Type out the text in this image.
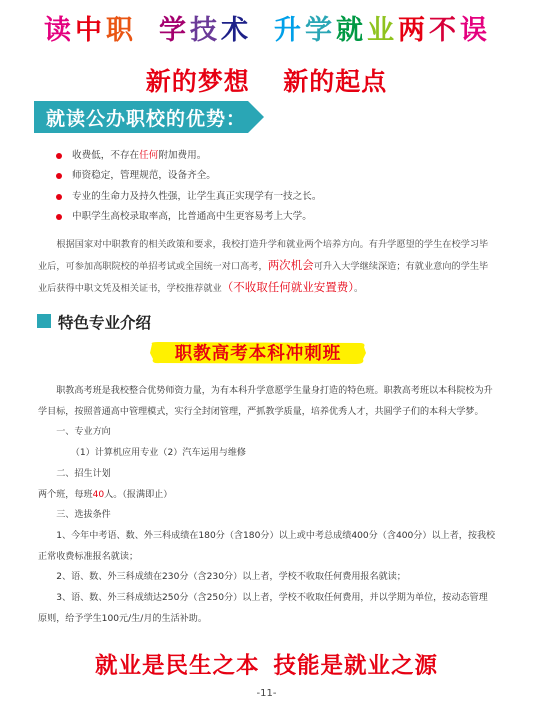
读中职 学技术 升学就业两不误
新的梦想 新的起点
就读公办职校的优势：
收费低，不存在任何附加费用。
师资稳定，管理规范，设备齐全。
专业的生命力及持久性强，让学生真正实现学有一技之长。
中职学生高校录取率高，比普通高中生更容易考上大学。
根据国家对中职教育的相关政策和要求，我校打造升学和就业两个培养方向。有升学愿望的学生在校学习毕业后，可参加高职院校的单招考试或全国统一对口高考，两次机会可升入大学继续深造；有就业意向的学生毕业后获得中职文凭及相关证书，学校推荐就业（不收取任何就业安置费）。
特色专业介绍
职教高考本科冲刺班

职教高考班是我校整合优势师资力量，为有本科升学意愿学生量身打造的特色班。职教高考班以本科院校为升学目标，按照普通高中管理模式，实行全封闭管理，严抓教学质量，培养优秀人才，共圆学子们的本科大学梦。

一、专业方向

（1）计算机应用专业（2）汽车运用与维修

二、招生计划

两个班，每班40人。（报满即止）

三、选拔条件

1、今年中考语、数、外三科成绩在180分（含180分）以上或中考总成绩400分（含400分）以上者，按我校正常收费标准报名就读；

2、语、数、外三科成绩在230分（含230分）以上者，学校不收取任何费用报名就读；

3、语、数、外三科成绩达250分（含250分）以上者，学校不收取任何费用，并以学期为单位，按动态管理原则，给予学生100元/生/月的生活补助。

就业是民生之本 技能是就业之源
-11-
